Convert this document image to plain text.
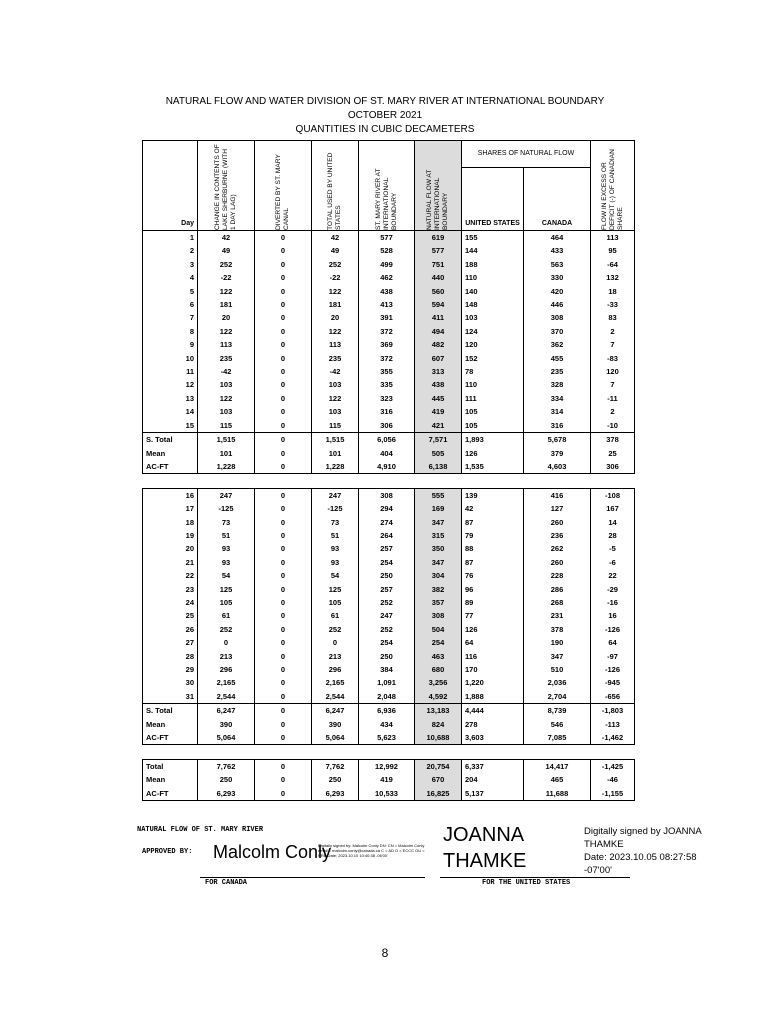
NATURAL FLOW AND WATER DIVISION OF ST. MARY RIVER AT INTERNATIONAL BOUNDARY
OCTOBER 2021
QUANTITIES IN CUBIC DECAMETERS
Day	CHANGE IN CONTENTS OF LAKE SHERBURNE (WITH 1 DAY LAG)	DIVERTED BY ST. MARY CANAL	TOTAL USED BY UNITED STATES	ST. MARY RIVER AT INTERNATIONAL BOUNDARY	NATURAL FLOW AT INTERNATIONAL BOUNDARY	SHARES OF NATURAL FLOW		FLOW IN EXCESS OR DEFICIT (-) OF CANADIAN SHARE

						UNITED STATES	CANADA	
1	42	0	42	577	619	155	464	113
2	49	0	49	528	577	144	433	95
3	252	0	252	499	751	188	563	-64
4	-22	0	-22	462	440	110	330	132
5	122	0	122	438	560	140	420	18
6	181	0	181	413	594	148	446	-33
7	20	0	20	391	411	103	308	83
8	122	0	122	372	494	124	370	2
9	113	0	113	369	482	120	362	7
10	235	0	235	372	607	152	455	-83
11	-42	0	-42	355	313	78	235	120
12	103	0	103	335	438	110	328	7
13	122	0	122	323	445	111	334	-11
14	103	0	103	316	419	105	314	2
15	115	0	115	306	421	105	316	-10
S. Total	1,515	0	1,515	6,056	7,571	1,893	5,678	378
Mean	101	0	101	404	505	126	379	25
AC-FT	1,228	0	1,228	4,910	6,138	1,535	4,603	306

16	247	0	247	308	555	139	416	-108
17	-125	0	-125	294	169	42	127	167
18	73	0	73	274	347	87	260	14
19	51	0	51	264	315	79	236	28
20	93	0	93	257	350	88	262	-5
21	93	0	93	254	347	87	260	-6
22	54	0	54	250	304	76	228	22
23	125	0	125	257	382	96	286	-29
24	105	0	105	252	357	89	268	-16
25	61	0	61	247	308	77	231	16
26	252	0	252	252	504	126	378	-126
27	0	0	0	254	254	64	190	64
28	213	0	213	250	463	116	347	-97
29	296	0	296	384	680	170	510	-126
30	2,165	0	2,165	1,091	3,256	1,220	2,036	-945
31	2,544	0	2,544	2,048	4,592	1,888	2,704	-656
S. Total	6,247	0	6,247	6,936	13,183	4,444	8,739	-1,803
Mean	390	0	390	434	824	278	546	-113
AC-FT	5,064	0	5,064	5,623	10,688	3,603	7,085	-1,462

Total	7,762	0	7,762	12,992	20,754	6,337	14,417	-1,425
Mean	250	0	250	419	670	204	465	-46
AC-FT	6,293	0	6,293	10,533	16,825	5,137	11,688	-1,155
NATURAL FLOW OF ST. MARY RIVER
APPROVED BY: Malcolm Conly
Digitally signed by: Malcolm Conly DN: CN = Malcolm Conly email = malcolm.conly@canada.ca C = AD O = ECCC OU = NRB Date: 2023.10.10 10:40:38 -06'00'
FOR CANADA
JOANNA
THAMKE
Digitally signed by JOANNA
THAMKE
Date: 2023.10.05 08:27:58
-07'00'
FOR THE UNITED STATES
8
